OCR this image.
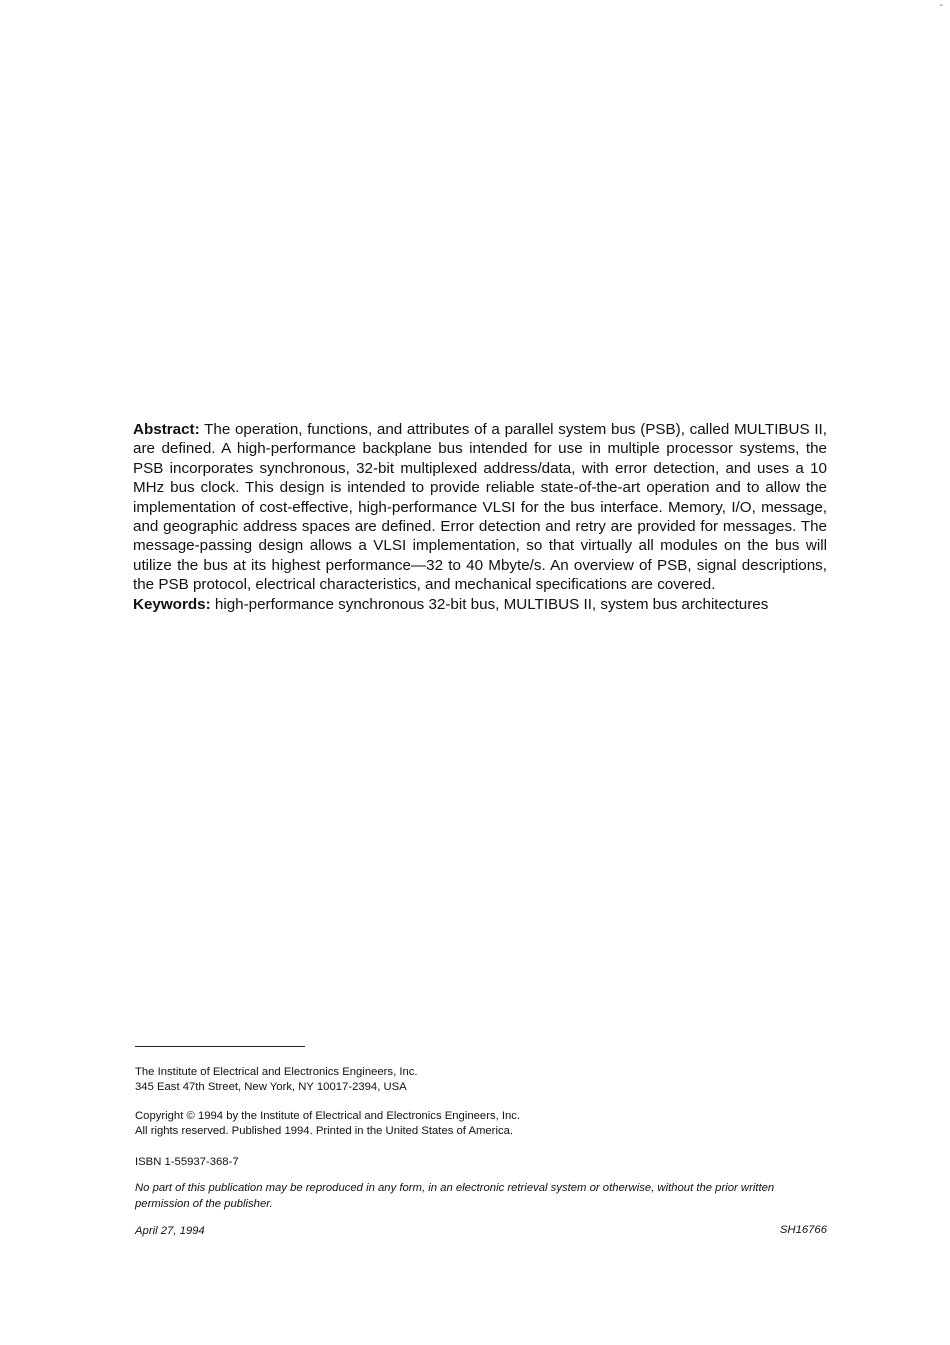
-

Abstract: The operation, functions, and attributes of a parallel system bus (PSB), called MULTIBUS II, are defined. A high-performance backplane bus intended for use in multiple processor systems, the PSB incorporates synchronous, 32-bit multiplexed address/data, with error detection, and uses a 10 MHz bus clock. This design is intended to provide reliable state-of-the-art operation and to allow the implementation of cost-effective, high-performance VLSI for the bus interface. Memory, I/O, message, and geographic address spaces are defined. Error detection and retry are provided for messages. The message-passing design allows a VLSI implementation, so that virtually all modules on the bus will utilize the bus at its highest performance—32 to 40 Mbyte/s. An overview of PSB, signal descriptions, the PSB protocol, electrical characteristics, and mechanical specifications are covered.

Keywords: high-performance synchronous 32-bit bus, MULTIBUS II, system bus architectures

The Institute of Electrical and Electronics Engineers, Inc.
345 East 47th Street, New York, NY 10017-2394, USA
Copyright © 1994 by the Institute of Electrical and Electronics Engineers, Inc.
All rights reserved. Published 1994. Printed in the United States of America.
ISBN 1-55937-368-7
No part of this publication may be reproduced in any form, in an electronic retrieval system or otherwise, without the prior written permission of the publisher.
April 27, 1994	SH16766
